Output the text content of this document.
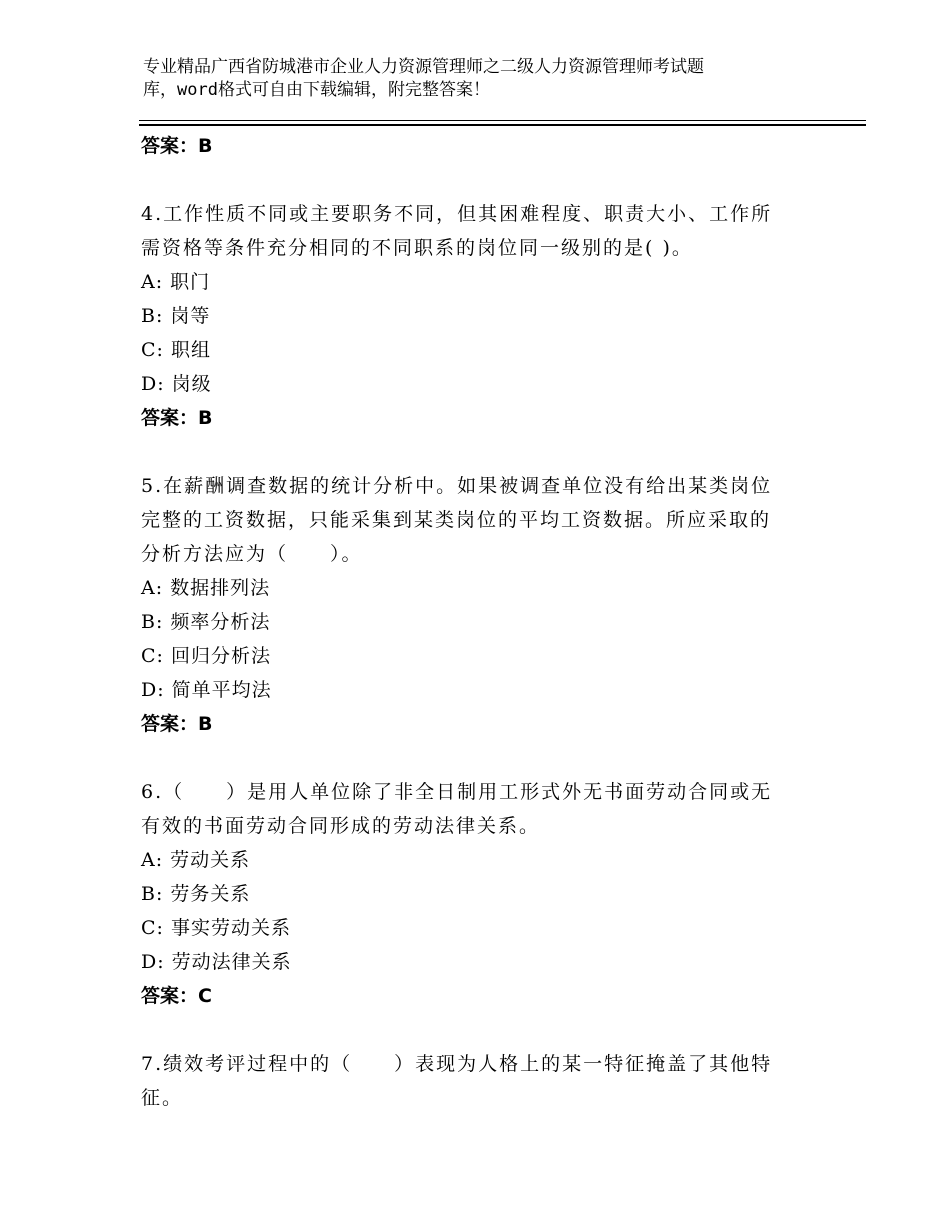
专业精品广西省防城港市企业人力资源管理师之二级人力资源管理师考试题
库，word格式可自由下载编辑，附完整答案！
答案：B
4.工作性质不同或主要职务不同，但其困难程度、职责大小、工作所
需资格等条件充分相同的不同职系的岗位同一级别的是( )。
A: 职门
B: 岗等
C: 职组
D: 岗级
答案：B
5.在薪酬调查数据的统计分析中。如果被调查单位没有给出某类岗位
完整的工资数据，只能采集到某类岗位的平均工资数据。所应采取的
分析方法应为（　　）。
A: 数据排列法
B: 频率分析法
C: 回归分析法
D: 简单平均法
答案：B
6.（　　）是用人单位除了非全日制用工形式外无书面劳动合同或无
有效的书面劳动合同形成的劳动法律关系。
A: 劳动关系
B: 劳务关系
C: 事实劳动关系
D: 劳动法律关系
答案：C
7.绩效考评过程中的（　　）表现为人格上的某一特征掩盖了其他特
征。
